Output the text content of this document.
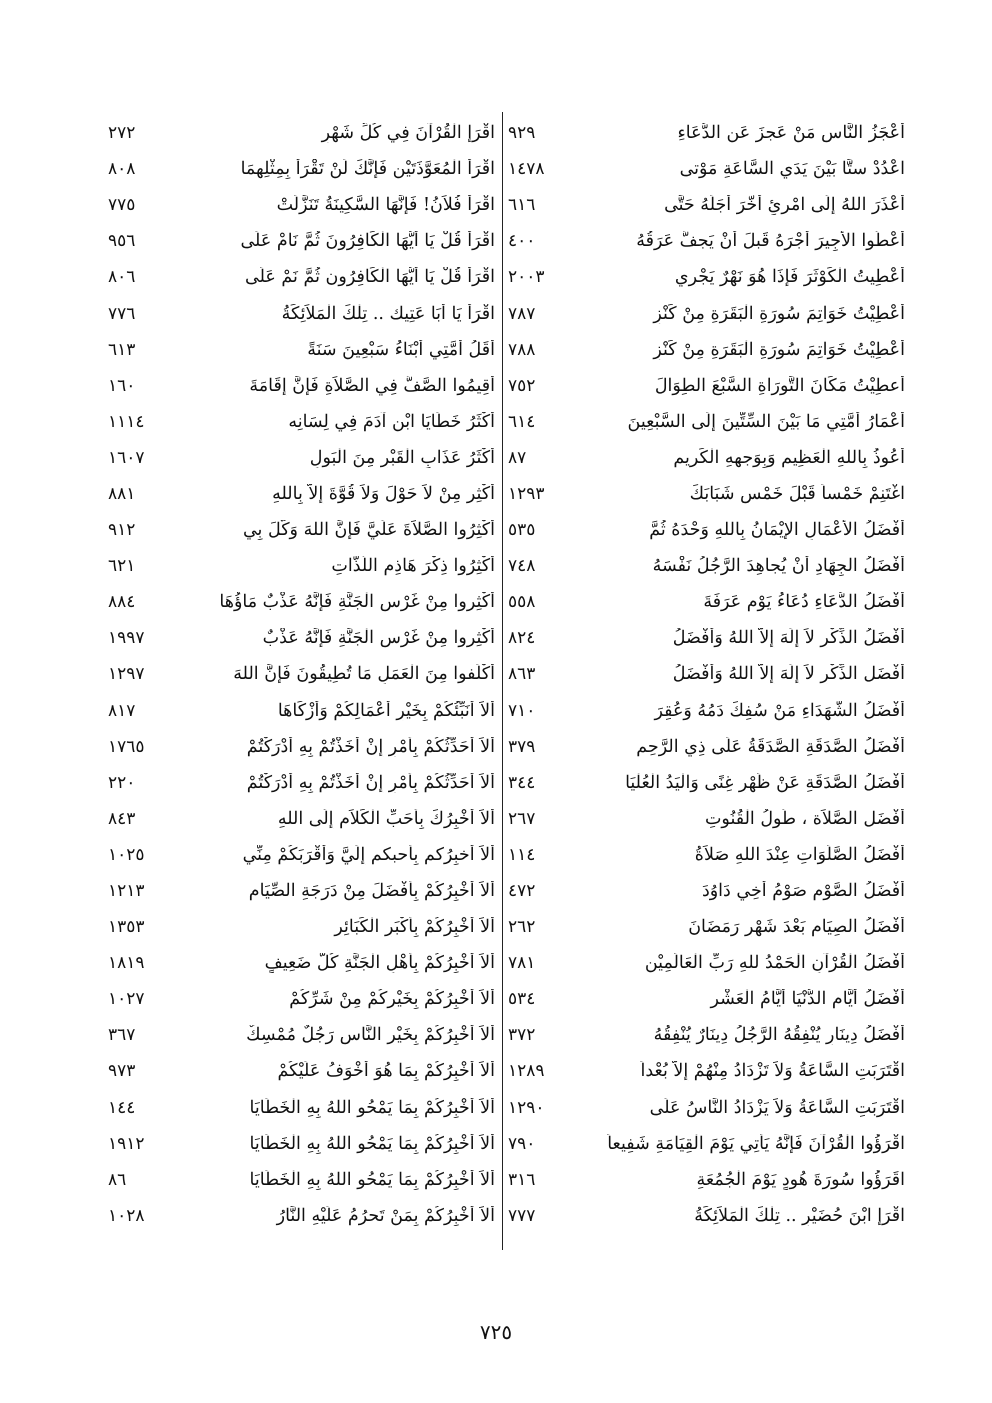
٩٢٩	أَعْجَزُ النَّاسِ مَنْ عَجزَ عَنِ الدُّعَاءِ
١٤٧٨	اعْدُدْ ستًّا بَيْنَ يَدَي السَّاعَةِ مَوْتى
٦١٦	أَعْذَرَ اللهُ إِلَى امْرِئٍ أَخَّرَ أَجَلَهُ حَتَّى
٤٠٠	أَعْطُوا الأَجِيرَ أَجْرَهُ قَبلَ أَنْ يَجفَّ عَرَقُهُ
٢٠٠٣	أُعْطِيتُ الْكَوْثَرَ فَإِذَا هُوَ نَهْرٌ يَجْرِي
٧٨٧	أُعْطِيْتُ خَوَاتِمَ سُورَةِ الْبَقَرَةِ مِنْ كَنْزٍ
٧٨٨	أُعْطِيْتُ خَوَاتِمَ سُورَةِ الْبَقَرَةِ مِنْ كَنْزٍ
٧٥٢	أُعطِيْتُ مَكَانَ التَّورَاةِ السَّبْعَ الطِوَالَ
٦١٤	أَعْمَارُ أُمَّتِي مَا بَيْنَ السِّتِّينَ إِلَى السَّبْعِينَ
٨٧	أَعُوذُ بِاللهِ الْعَظِيمِ وَبِوَجهِهِ الْكَرِيمِ
١٢٩٣	اغْتَنِمْ خَمْساً قَبْلَ خَمْسٍ شَبَابَكَ
٥٣٥	أَفْضَلُ الأَعْمَالِ الإِيْمَانُ بِاللهِ وَحْدَهُ ثُمَّ
٧٤٨	أَفْضَلُ الجِهَادِ أَنْ يُجاهِدَ الرَّجُلُ نَفْسَهُ
٥٥٨	أَفْضَلُ الدُّعَاءِ دُعَاءُ يَوْمِ عَرَفَةَ
٨٢٤	أَفْضَلُ الذِّكْرِ لاَ إِلَهَ إِلاَّ اللهُ وَأَفْضَلُ
٨٦٣	أَفْضَل الذِّكْرِ لاَ إِلَهَ إِلاَّ اللهُ وَأَفْضَلُ
٧١٠	أَفْضَلُ الشُّهَدَاءِ مَنْ سُفِكَ دَمُهُ وَعُقِرَ
٣٧٩	أَفْضَلُ الصَّدَقَةِ الصَّدَقَةُ عَلَى ذِي الرَّحِمِ
٣٤٤	أَفْضَلُ الصَّدَقَةِ عَنْ ظَهْرِ غِنًى وَالْيَدُ الْعُلْيَا
٢٦٧	أَفْضَل الصَّلاَة ، طُولُ الْقُنُوتِ
١١٤	أَفْضَلُ الصَّلَوَاتِ عِنْدَ اللهِ صَلاَةُ
٤٧٢	أَفْضَلُ الصَّوْمِ صَوْمُ أَخِي دَاوُدَ
٢٦٢	أَفْضَلُ الصِيَامِ بَعْدَ شَهْرِ رَمَضَانَ
٧٨١	أَفْضَلُ الْقُرْآنِ الْحَمْدُ للهِ رَبِّ الْعَالَمِيْن
٥٣٤	أَفْضَلُ أَيَّامِ الدُّنْيَا أَيَّامُ الْعَشْرِ
٣٧٢	أَفْضَلُ دِينَارٍ يُنْفِقُهُ الرَّجُلُ دِينَارٌ يُنْفِقُهُ
١٢٨٩	اقْتَرَبَتِ السَّاعَةُ وَلاَ تَزْدَادُ مِنْهُمْ إِلاَّ بُعْداً
١٢٩٠	اقْتَرَبَتِ السَّاعَةُ وَلاَ يَزْدَادُ النَّاسُ عَلَى
٧٩٠	اقْرَؤُوا الْقُرْآنَ فَإِنَّهُ يَأْتِي يَوْمَ الْقِيَامَةِ شَفِيعاً
٣١٦	اقَرَؤُوا سُورَةَ هُودٍ يَوْمَ الْجُمُعَةِ
٧٧٧	اقْرَإِ ابْنَ حُضَيْرٍ .. تِلْكَ الْمَلاَئِكَةُ
٢٧٢	اقْرَإِ الْقُرْآنَ فِي كُلِّ شَهْرٍ
٨٠٨	اقْرَأْ الْمُعَوَّذَتَيْنِ فَإِنَّكَ لَنْ تَقْرَأْ بِمِثْلِهِمَا
٧٧٥	اقْرَأْ فُلاَنُ! فَإِنَّهَا السَّكِينَةُ تَنَزَّلَتْ
٩٥٦	اقْرَأْ قُلْ يَا أَيُّهَا الْكَافِرُونَ ثُمَّ نَامْ عَلَى
٨٠٦	اقْرَأْ قُلْ يَا أَيُّهَا الْكَافِرُون ثُمَّ نَمْ عَلَى
٧٧٦	اقْرَأْ يَا أَبَا عَتِيك .. تِلْكَ الْمَلاَئِكَةُ
٦١٣	أَقَلُ أُمَّتِي أَبْنَاءُ سَبْعِينَ سَنَةً
١٦٠	أَقِيمُوا الصَّفَّ فِي الصَّلاَةِ فَإِنَّ إِقَامَةَ
١١١٤	أَكْثَرُ خَطَايَا ابْنِ آدَمَ فِي لِسَانِه
١٦٠٧	أَكْثَرُ عَذَابِ الْقَبْرِ مِنَ الْبَولِ
٨٨١	أَكْثِر مِنْ لاَ حَوْلَ وَلاَ قُوَّةَ إِلاَّ بِاللهِ
٩١٢	أَكْثِرُوا الصَّلاَةَ عَلَيَّ فَإِنَّ اللهَ وَكَّلَ بِي
٦٢١	أَكْثِرُوا ذِكْرَ هَاذِمِ اللَّذَّاتِ
٨٨٤	أَكْثِروا مِنْ غَرْسِ الْجَنَّةِ فَإِنَّهُ عَذْبٌ مَاؤُهَا
١٩٩٧	أَكْثِروا مِنْ غَرْسِ الْجَنَّةِ فَإِنَّهُ عَذْبٌ
١٢٩٧	أَكْلَفوا مِنَ الْعَمَلِ مَا تُطِيقُونَ فَإِنَّ اللهَ
٨١٧	أَلاَ أُنَبِّئُكُمْ بِخَيْرِ أَعْمَالِكُمْ وَأَزْكَاهَا
١٧٦٥	أَلاَ أُحَدِّثُكُمْ بِأَمْرٍ إِنْ أَخَذْتُمْ بِهِ أَدْرَكْتُمْ
٢٢٠	أَلاَ أُحَدِّثُكُمْ بِأَمْرٍ إِنْ أَخَذْتُمْ بِهِ أَدْرَكْتُمْ
٨٤٣	أَلاَ أُخْبِرُكَ بِأَحَبِّ الْكَلاَمِ إِلَى اللهِ
١٠٢٥	أَلاَ أُخبِرُكم بِأَحبكم إِلَيَّ وَأَقْرَبَكُمْ مِنِّي
١٢١٣	أَلاَ أُخْبِرُكُمْ بِأَفْضَلَ مِنْ دَرَجَةِ الصِّيَامِ
١٣٥٣	أَلاَ أُخْبِرُكُمْ بِأَكْبَرِ الْكَبَائِرِ
١٨١٩	أَلاَ أُخْبِرُكُمْ بِأَهْلِ الْجَنَّةِ كُلُّ ضَعِيفٍ
١٠٢٧	أَلاَ أُخْبِرُكُمْ بِخَيْرِكُمْ مِنْ شَرِّكُمْ
٣٦٧	أَلاَ أُخْبِرُكُمْ بِخَيْرِ النَّاسِ رَجُلٌ مُمْسِكٌ
٩٧٣	أَلاَ أُخْبِرُكُمْ بِمَا هُوَ أَخْوَفُ عَلَيْكُمْ
١٤٤	أَلاَ أُخْبِرُكُمْ بِمَا يَمْحُو اللهُ بِهِ الْخَطَايَا
١٩١٢	أَلاَ أُخْبِرُكُمْ بِمَا يَمْحُو اللهُ بِهِ الْخَطَايَا
٨٦	أَلاَ أُخْبِرُكُمْ بِمَا يَمْحُو اللهُ بِهِ الْخَطَايَا
١٠٢٨	أَلاَ أُخْبِرُكُمْ بِمَنْ تَحرُمُ عَلَيْهِ النَّارُ
٧٢٥
